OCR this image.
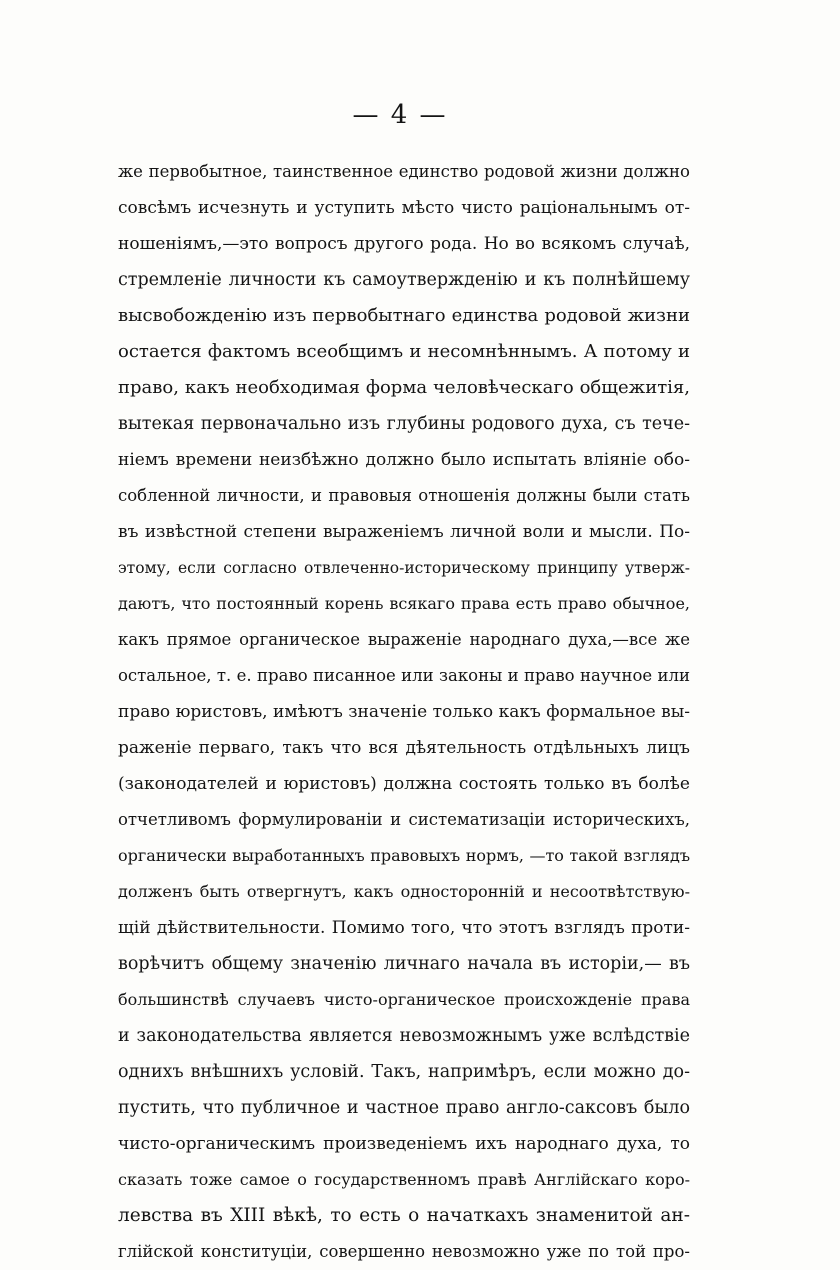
— 4 —
же первобытное, таинственное единство родовой жизни должно
совсѣмъ исчезнуть и уступить мѣсто чисто раціональнымъ от-
ношеніямъ,—это вопросъ другого рода. Но во всякомъ случаѣ,
стремленіе личности къ самоутвержденію и къ полнѣйшему
высвобожденію изъ первобытнаго единства родовой жизни
остается фактомъ всеобщимъ и несомнѣннымъ. А потому и
право, какъ необходимая форма человѣческаго общежитія,
вытекая первоначально изъ глубины родового духа, съ тече-
ніемъ времени неизбѣжно должно было испытать вліяніе обо-
собленной личности, и правовыя отношенія должны были стать
въ извѣстной степени выраженіемъ личной воли и мысли. По-
этому, если согласно отвлеченно-историческому принципу утверж-
даютъ, что постоянный корень всякаго права есть право обычное,
какъ прямое органическое выраженіе народнаго духа,—все же
остальное, т. е. право писанное или законы и право научное или
право юристовъ, имѣютъ значеніе только какъ формальное вы-
раженіе перваго, такъ что вся дѣятельность отдѣльныхъ лицъ
(законодателей и юристовъ) должна состоять только въ болѣе
отчетливомъ формулированіи и систематизаціи историческихъ,
органически выработанныхъ правовыхъ нормъ, —то такой взглядъ
долженъ быть отвергнутъ, какъ односторонній и несоотвѣтствую-
щій дѣйствительности. Помимо того, что этотъ взглядъ проти-
ворѣчитъ общему значенію личнаго начала въ исторіи,— въ
большинствѣ случаевъ чисто-органическое происхожденіе права
и законодательства является невозможнымъ уже вслѣдствіе
однихъ внѣшнихъ условій. Такъ, напримѣръ, если можно до-
пустить, что публичное и частное право англо-саксовъ было
чисто-органическимъ произведеніемъ ихъ народнаго духа, то
сказать тоже самое о государственномъ правѣ Англійскаго коро-
левства въ XIII вѣкѣ, то есть о начаткахъ знаменитой ан-
глійской конституціи, совершенно невозможно уже по той про-
